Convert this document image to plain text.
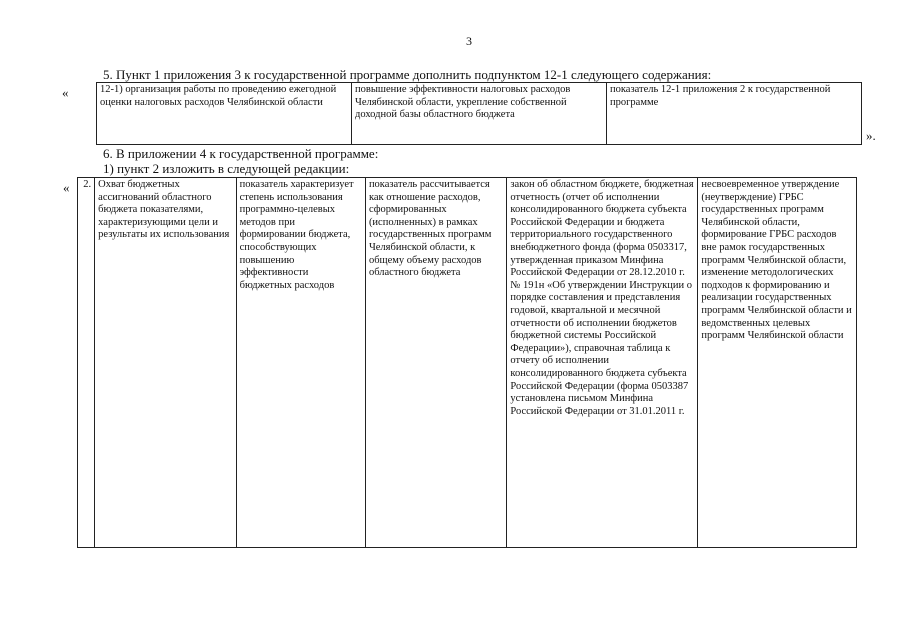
3
5. Пункт 1 приложения 3 к государственной программе дополнить подпунктом 12-1 следующего содержания:
«	12-1) организация работы по проведению ежегодной оценки налоговых расходов Челябинской области	повышение эффективности налоговых расходов Челябинской области, укрепление собственной доходной базы областного бюджета	показатель 12-1 приложения 2 к государственной программе
».
6. В приложении 4 к государственной программе:
1) пункт 2 изложить в следующей редакции:
« 2.	Охват бюджетных ассигнований областного бюджета показателями, характеризующими цели и результаты их использования	показатель характеризует степень использования программно-целевых методов при формировании бюджета, способствующих повышению эффективности бюджетных расходов	показатель рассчитывается как отношение расходов, сформированных (исполненных) в рамках государственных программ Челябинской области, к общему объему расходов областного бюджета	закон об областном бюджете, бюджетная отчетность (отчет об исполнении консолидированного бюджета субъекта Российской Федерации и бюджета территориального государственного внебюджетного фонда (форма 0503317, утвержденная приказом Минфина Российской Федерации от 28.12.2010 г. № 191н «Об утверждении Инструкции о порядке составления и представления годовой, квартальной и месячной отчетности об исполнении бюджетов бюджетной системы Российской Федерации»), справочная таблица к отчету об исполнении консолидированного бюджета субъекта Российской Федерации (форма 0503387 установлена письмом Минфина Российской Федерации от 31.01.2011 г.	несвоевременное утверждение (неутверждение) ГРБС государственных программ Челябинской области, формирование ГРБС расходов вне рамок государственных программ Челябинской области, изменение методологических подходов к формированию и реализации государственных программ Челябинской области и ведомственных целевых программ Челябинской области
